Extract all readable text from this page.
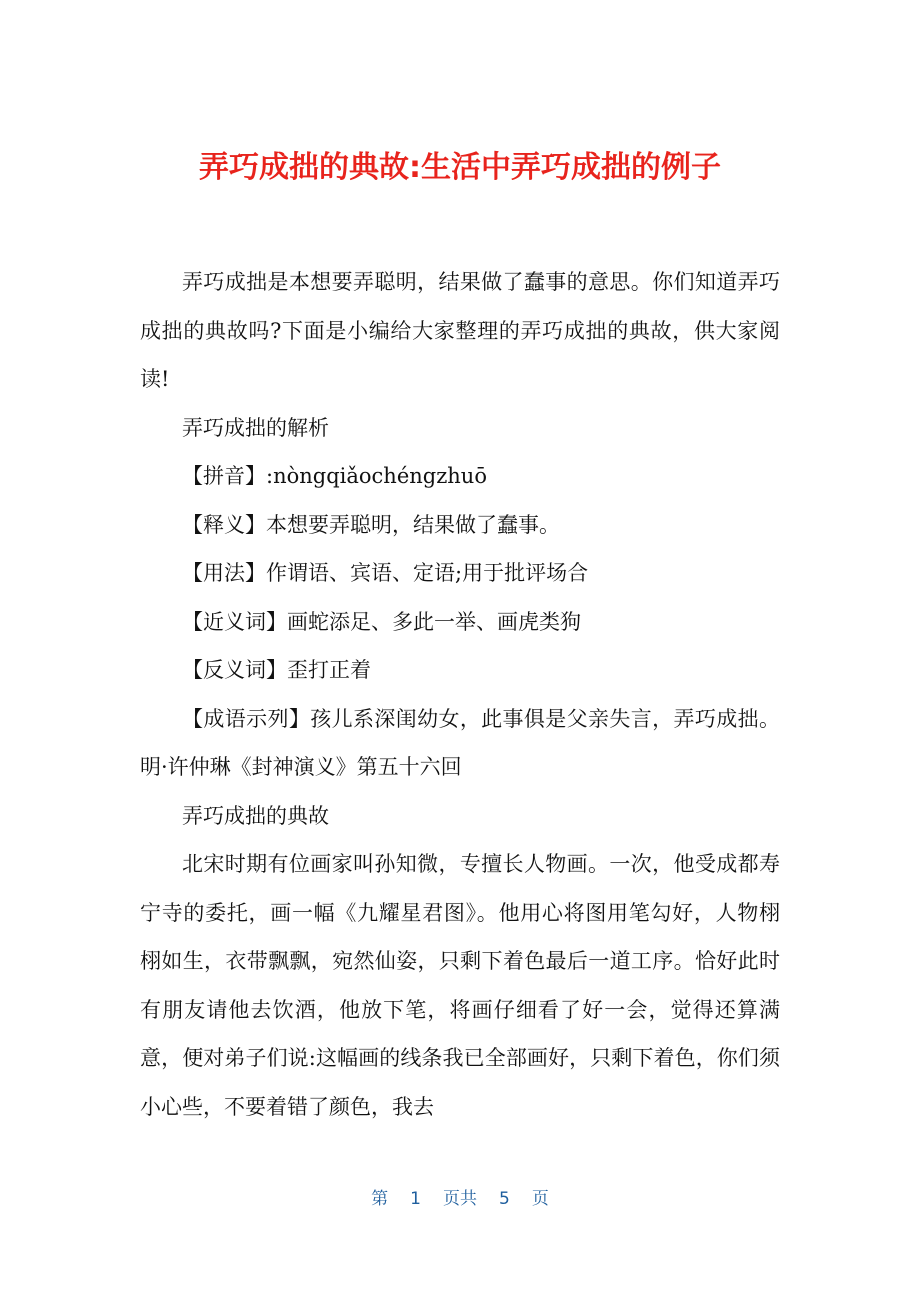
弄巧成拙的典故:生活中弄巧成拙的例子

弄巧成拙是本想要弄聪明，结果做了蠢事的意思。你们知道弄巧成拙的典故吗?下面是小编给大家整理的弄巧成拙的典故，供大家阅读!

弄巧成拙的解析

【拼音】:nòngqiǎochéngzhuō

【释义】本想要弄聪明，结果做了蠢事。

【用法】作谓语、宾语、定语;用于批评场合

【近义词】画蛇添足、多此一举、画虎类狗

【反义词】歪打正着

【成语示列】孩儿系深闺幼女，此事俱是父亲失言，弄巧成拙。明·许仲琳《封神演义》第五十六回

弄巧成拙的典故

北宋时期有位画家叫孙知微，专擅长人物画。一次，他受成都寿宁寺的委托，画一幅《九耀星君图》。他用心将图用笔勾好，人物栩栩如生，衣带飘飘，宛然仙姿，只剩下着色最后一道工序。恰好此时有朋友请他去饮酒，他放下笔，将画仔细看了好一会，觉得还算满意，便对弟子们说:这幅画的线条我已全部画好，只剩下着色，你们须小心些，不要着错了颜色，我去

第 1 页共 5 页
